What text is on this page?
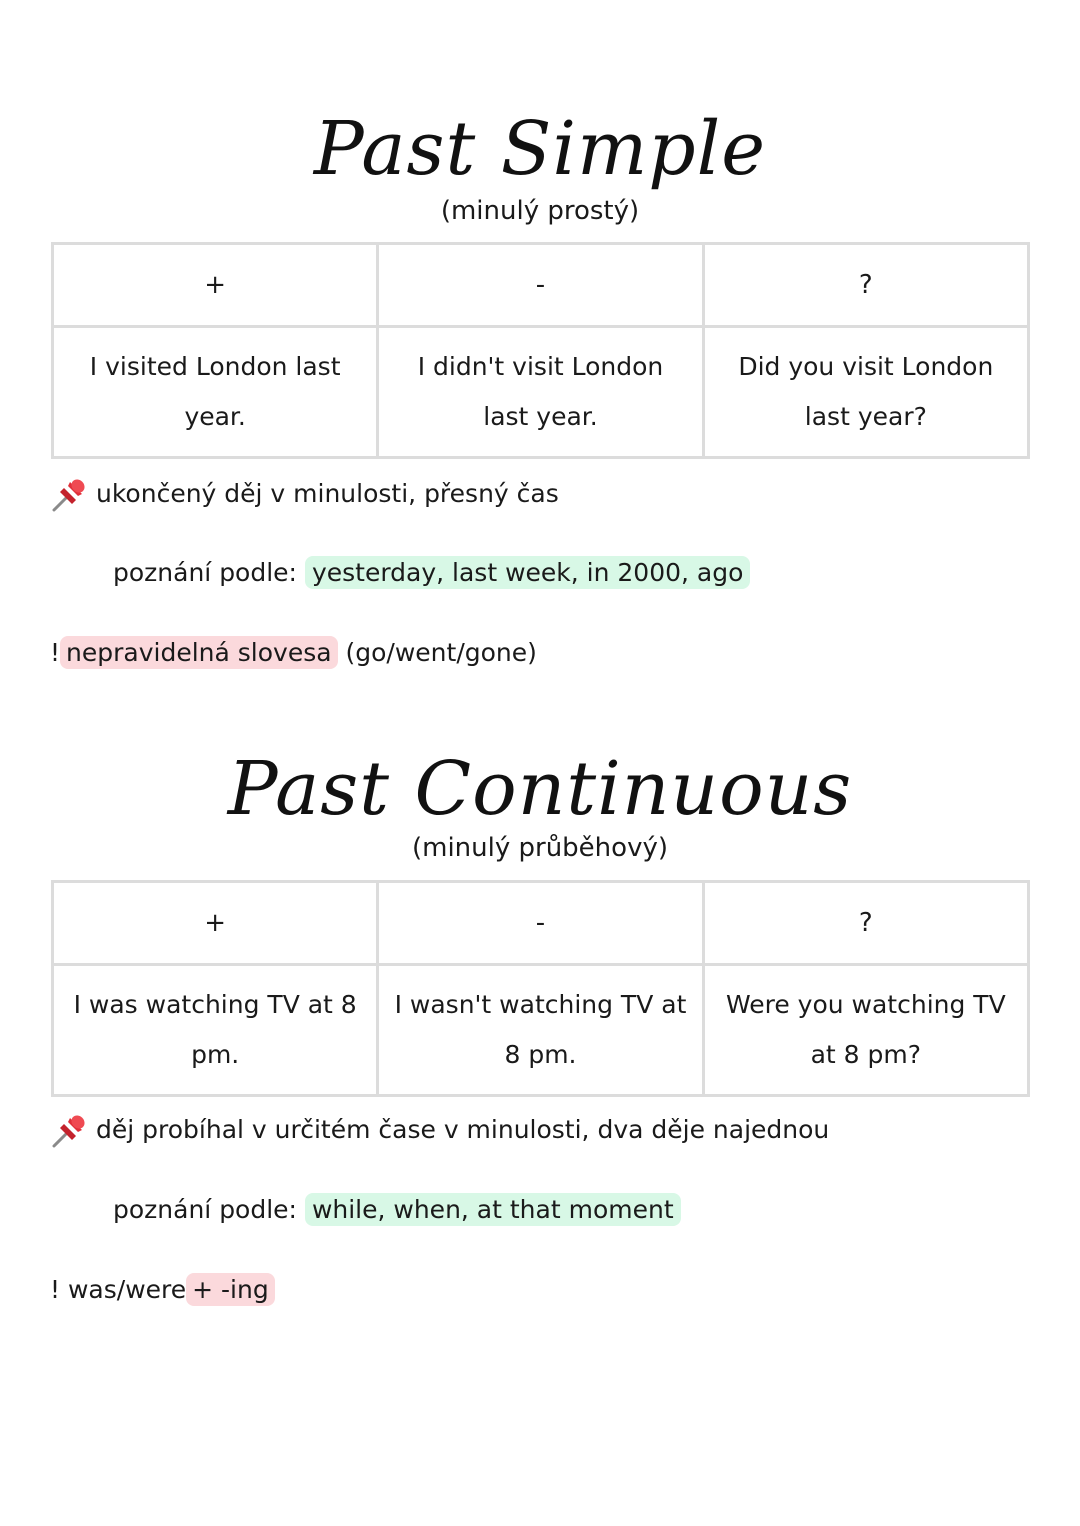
Past Simple
(minulý prostý)
+	-	?
I visited London last year.	I didn't visit London last year.	Did you visit London last year?
ukončený děj v minulosti, přesný čas
poznání podle: yesterday, last week, in 2000, ago
! nepravidelná slovesa (go/went/gone)
Past Continuous
(minulý průběhový)
+	-	?
I was watching TV at 8 pm.	I wasn't watching TV at 8 pm.	Were you watching TV at 8 pm?
děj probíhal v určitém čase v minulosti, dva děje najednou
poznání podle: while, when, at that moment
! was/were + -ing
